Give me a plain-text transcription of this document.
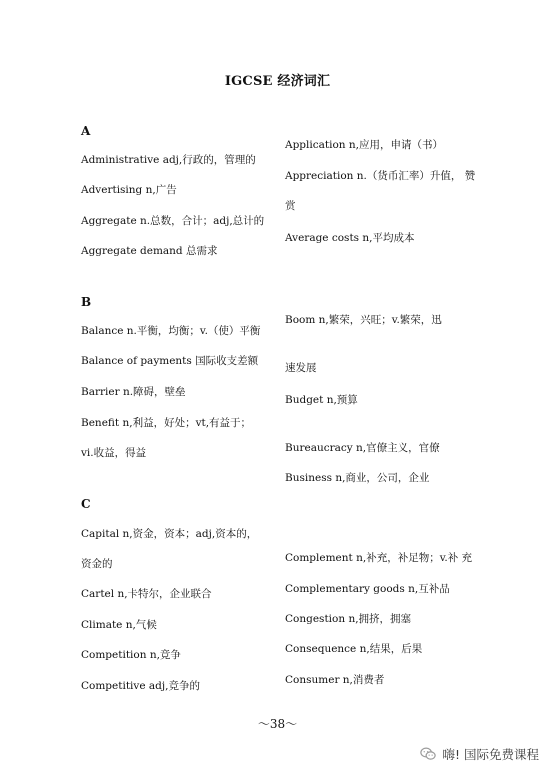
IGCSE 经济词汇
A
Administrative adj,行政的，管理的
Advertising n,广告
Aggregate n.总数，合计；adj,总计的
Aggregate demand 总需求
Application n,应用，申请（书）
Appreciation n.（货币汇率）升值， 赞
赏
Average costs n,平均成本
B
Balance n.平衡，均衡；v.（使）平衡
Balance of payments 国际收支差额
Barrier n.障碍，壁垒
Benefit n,利益，好处；vt,有益于；
vi.收益，得益
Boom n,繁荣，兴旺；v.繁荣，迅
速发展
Budget n,预算
Bureaucracy n,官僚主义，官僚
Business n,商业，公司，企业
C
Capital n,资金，资本；adj,资本的，
资金的
Cartel n,卡特尔，企业联合
Climate n,气候
Competition n,竞争
Competitive adj,竞争的
Complement n,补充，补足物；v.补 充
Complementary goods n,互补品
Congestion n,拥挤，拥塞
Consequence n,结果，后果
Consumer n,消费者
～38～
嗨! 国际免费课程
